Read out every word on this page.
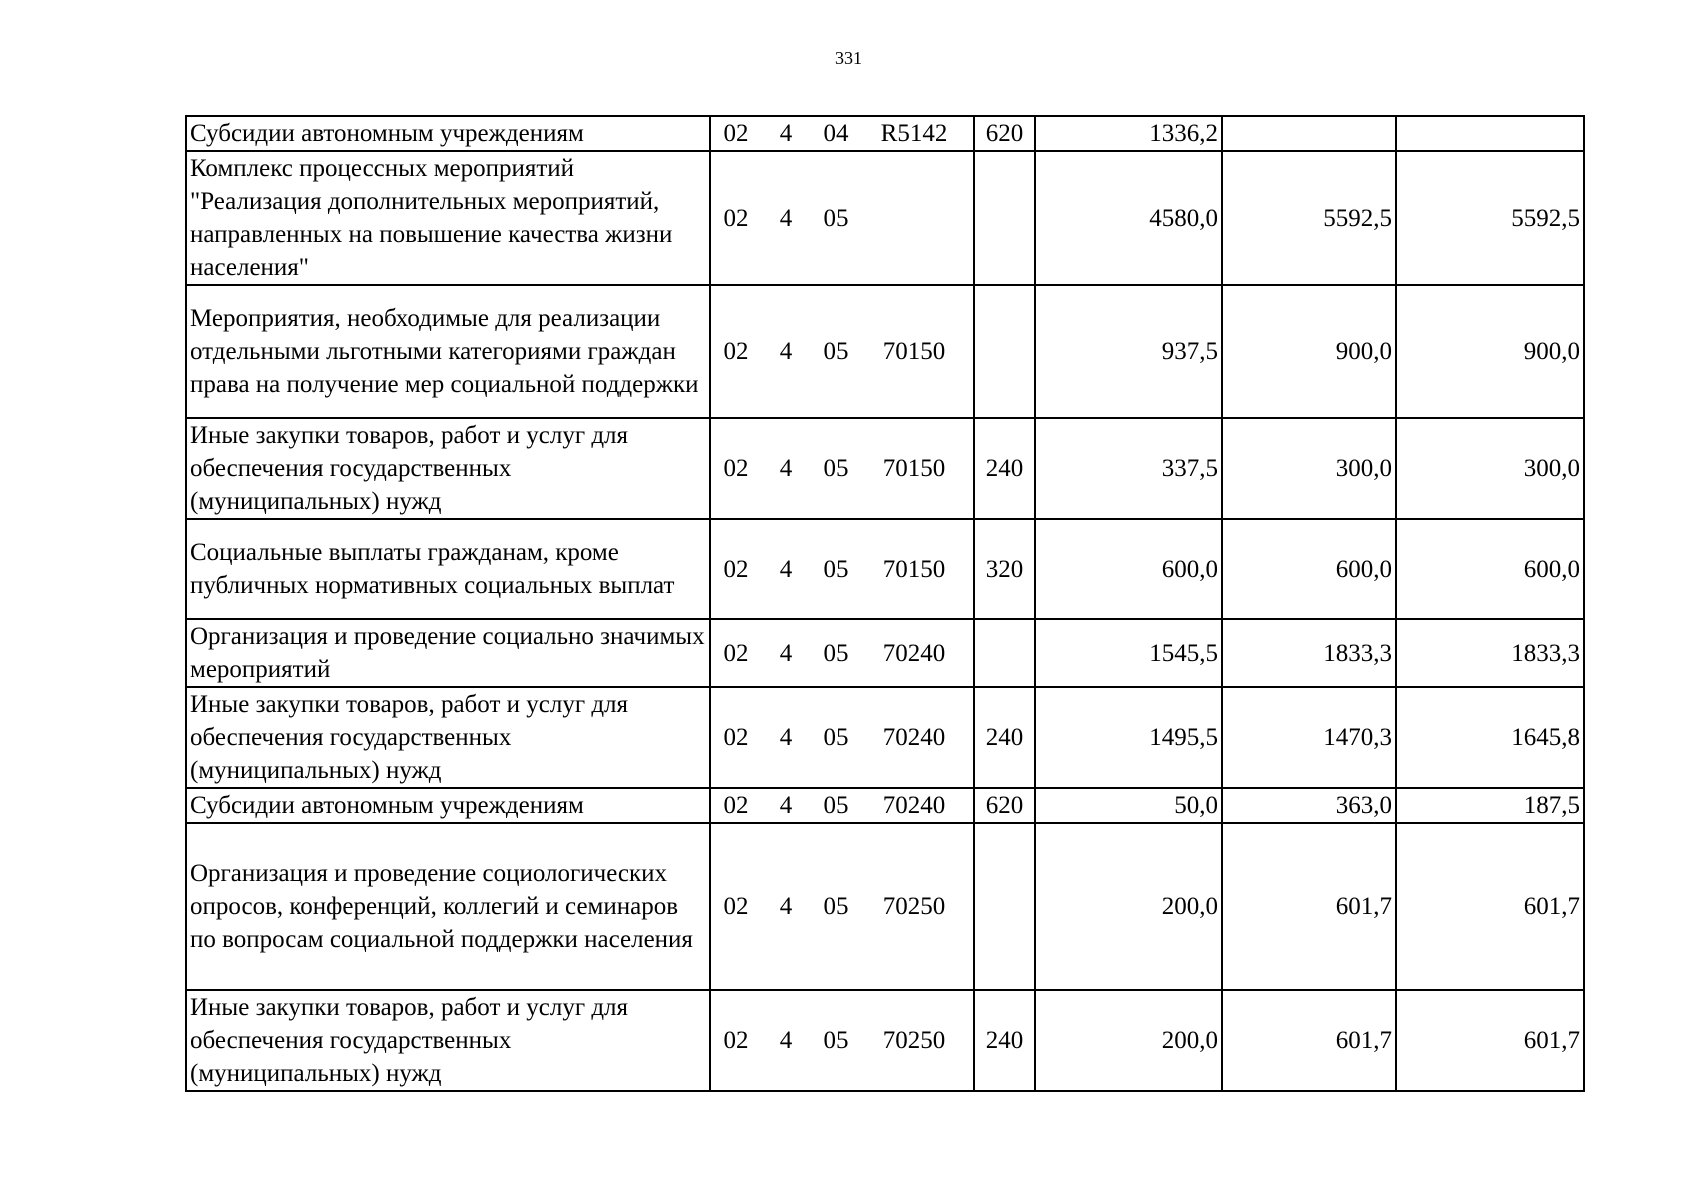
331
Субсидии автономным учреждениям	02 4 04 R5142	620	1336,2		
Комплекс процессных мероприятий "Реализация дополнительных мероприятий, направленных на повышение качества жизни населения"	02 4 05		4580,0	5592,5	5592,5
Мероприятия, необходимые для реализации отдельными льготными категориями граждан права на получение мер социальной поддержки	02 4 05 70150		937,5	900,0	900,0
Иные закупки товаров, работ и услуг для обеспечения государственных (муниципальных) нужд	02 4 05 70150	240	337,5	300,0	300,0
Социальные выплаты гражданам, кроме публичных нормативных социальных выплат	02 4 05 70150	320	600,0	600,0	600,0
Организация и проведение социально значимых мероприятий	02 4 05 70240		1545,5	1833,3	1833,3
Иные закупки товаров, работ и услуг для обеспечения государственных (муниципальных) нужд	02 4 05 70240	240	1495,5	1470,3	1645,8
Субсидии автономным учреждениям	02 4 05 70240	620	50,0	363,0	187,5
Организация и проведение социологических опросов, конференций, коллегий и семинаров по вопросам социальной поддержки населения	02 4 05 70250		200,0	601,7	601,7
Иные закупки товаров, работ и услуг для обеспечения государственных (муниципальных) нужд	02 4 05 70250	240	200,0	601,7	601,7
